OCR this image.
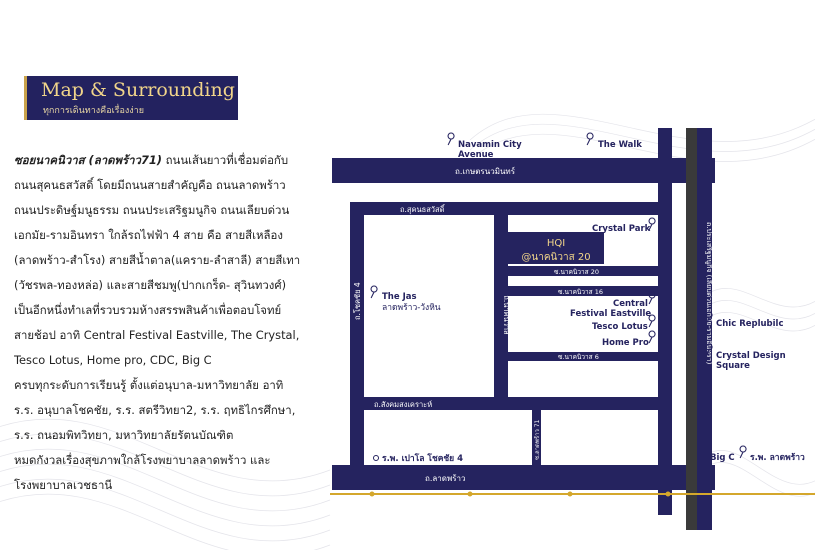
Map & Surrounding
ทุกการเดินทางคือเรื่องง่าย

ซอยนาคนิวาส (ลาดพร้าว71) ถนนเส้นยาวที่เชื่อมต่อกับ

ถนนสุคนธสวัสดิ์ โดยมีถนนสายสำคัญคือ ถนนลาดพร้าว

ถนนประดิษฐ์มนูธรรม ถนนประเสริฐมนูกิจ ถนนเลียบด่วน

เอกมัย-รามอินทรา ใกล้รถไฟฟ้า 4 สาย คือ สายสีเหลือง

(ลาดพร้าว-สำโรง) สายสีน้ำตาล(แคราย-ลำสาลี) สายสีเทา

(วัชรพล-ทองหล่อ) และสายสีชมพู(ปากเกร็ด- สุวินทวงศ์)

เป็นอีกหนึ่งทำเลที่รวบรวมห้างสรรพสินค้าเพื่อตอบโจทย์

สายช้อป อาทิ Central Festival Eastville, The Crystal,

Tesco Lotus, Home pro, CDC, Big C

ครบทุกระดับการเรียนรู้ ตั้งแต่อนุบาล-มหาวิทยาลัย อาทิ

ร.ร. อนุบาลโชคชัย, ร.ร. สตรีวิทยา2, ร.ร. ฤทธิไกรศึกษา,

ร.ร. ถนอมพิทวิทยา, มหาวิทยาลัยรัตนบัณฑิต

หมดกังวลเรื่องสุขภาพใกล้โรงพยาบาลลาดพร้าว และ

โรงพยาบาลเวชธานี

HQI
@นาคนิวาส 20
ถ.เกษตรนวมินทร์
ถ.สุคนธสวัสดิ์
ถ.โชคชัย 4	ถ.นาคนิวาส
ซ.นาคนิวาส 20
ซ.นาคนิวาส 16
ซ.นาคนิวาส 6
ถ.สังคมสงเคราะห์
ซ.ลาดพร้าว 71
ถ.ลาดพร้าว
ถ.ประเสริฐมนูกิจ (เลียบด่วนเอกมัย-รามอินทรา)
Navamin City
Avenue
The Walk
Crystal Park
Central
Festival Eastville
Tesco Lotus
Home Pro
The Jas
ลาดพร้าว-วังหิน
Chic Replubilc
Crystal Design
Square
Big C ร.พ. ลาดพร้าว
ร.พ. เปาโล โชคชัย 4
